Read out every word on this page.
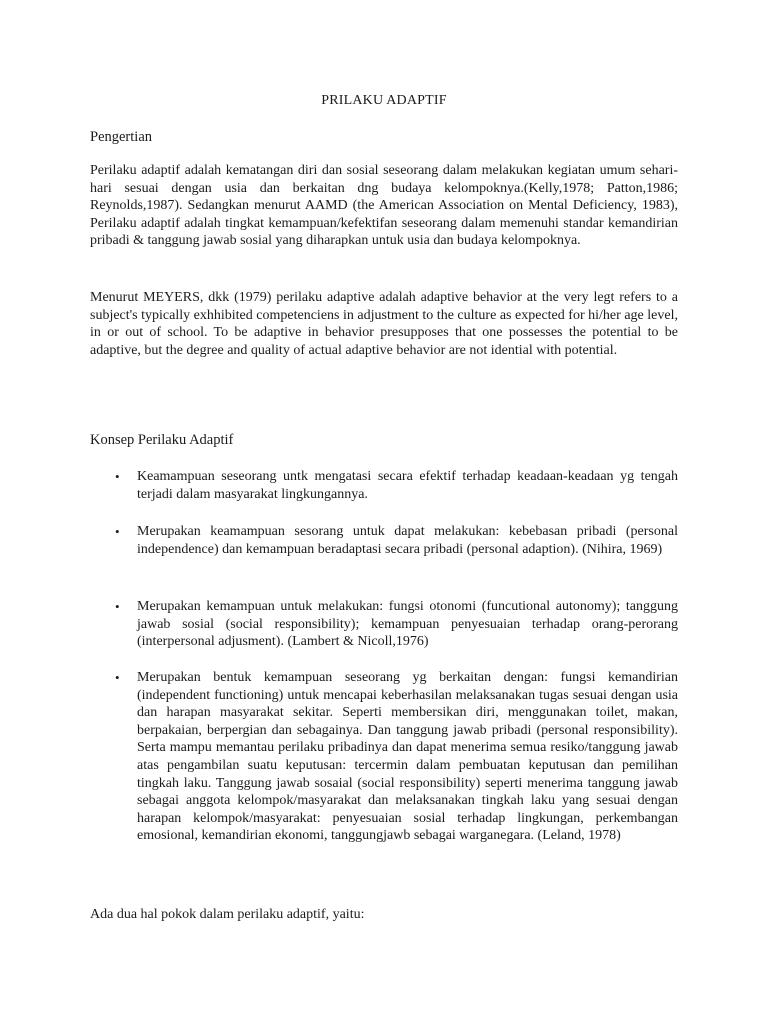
PRILAKU ADAPTIF
Pengertian

Perilaku adaptif adalah kematangan diri dan sosial seseorang dalam melakukan kegiatan umum sehari-hari sesuai dengan usia dan berkaitan dng budaya kelompoknya.(Kelly,1978; Patton,1986; Reynolds,1987). Sedangkan menurut AAMD (the American Association on Mental Deficiency, 1983), Perilaku adaptif adalah tingkat kemampuan/kefektifan seseorang dalam memenuhi standar kemandirian pribadi & tanggung jawab sosial yang diharapkan untuk usia dan budaya kelompoknya.

Menurut MEYERS, dkk (1979) perilaku adaptive adalah adaptive behavior at the very legt refers to a subject's typically exhhibited competenciens in adjustment to the culture as expected for hi/her age level, in or out of school. To be adaptive in behavior presupposes that one possesses the potential to be adaptive, but the degree and quality of actual adaptive behavior are not idential with potential.

Konsep Perilaku Adaptif
• Keamampuan seseorang untk mengatasi secara efektif terhadap keadaan-keadaan yg tengah terjadi dalam masyarakat lingkungannya.
• Merupakan keamampuan sesorang untuk dapat melakukan: kebebasan pribadi (personal independence) dan kemampuan beradaptasi secara pribadi (personal adaption). (Nihira, 1969)
• Merupakan kemampuan untuk melakukan: fungsi otonomi (funcutional autonomy); tanggung jawab sosial (social responsibility); kemampuan penyesuaian terhadap orang-perorang (interpersonal adjusment). (Lambert & Nicoll,1976)
• Merupakan bentuk kemampuan seseorang yg berkaitan dengan: fungsi kemandirian (independent functioning) untuk mencapai keberhasilan melaksanakan tugas sesuai dengan usia dan harapan masyarakat sekitar. Seperti membersikan diri, menggunakan toilet, makan, berpakaian, berpergian dan sebagainya. Dan tanggung jawab pribadi (personal responsibility). Serta mampu memantau perilaku pribadinya dan dapat menerima semua resiko/tanggung jawab atas pengambilan suatu keputusan: tercermin dalam pembuatan keputusan dan pemilihan tingkah laku. Tanggung jawab sosaial (social responsibility) seperti menerima tanggung jawab sebagai anggota kelompok/masyarakat dan melaksanakan tingkah laku yang sesuai dengan harapan kelompok/masyarakat: penyesuaian sosial terhadap lingkungan, perkembangan emosional, kemandirian ekonomi, tanggungjawb sebagai warganegara. (Leland, 1978)

Ada dua hal pokok dalam perilaku adaptif, yaitu:
